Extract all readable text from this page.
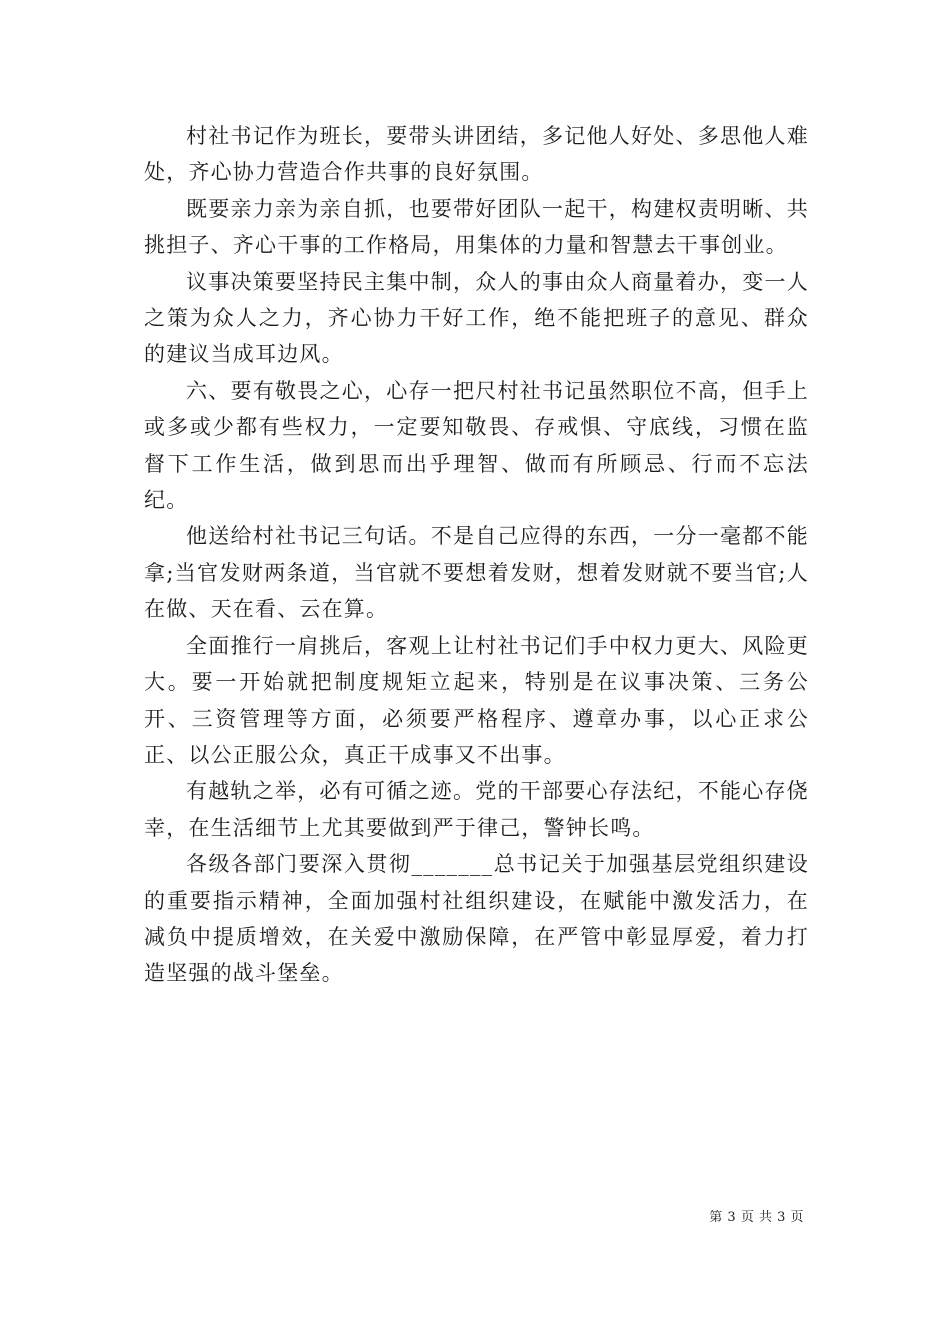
村社书记作为班长，要带头讲团结，多记他人好处、多思他人难处，齐心协力营造合作共事的良好氛围。

既要亲力亲为亲自抓，也要带好团队一起干，构建权责明晰、共挑担子、齐心干事的工作格局，用集体的力量和智慧去干事创业。

议事决策要坚持民主集中制，众人的事由众人商量着办，变一人之策为众人之力，齐心协力干好工作，绝不能把班子的意见、群众的建议当成耳边风。

六、要有敬畏之心，心存一把尺村社书记虽然职位不高，但手上或多或少都有些权力，一定要知敬畏、存戒惧、守底线，习惯在监督下工作生活，做到思而出乎理智、做而有所顾忌、行而不忘法纪。

他送给村社书记三句话。不是自己应得的东西，一分一毫都不能拿;当官发财两条道，当官就不要想着发财，想着发财就不要当官;人在做、天在看、云在算。

全面推行一肩挑后，客观上让村社书记们手中权力更大、风险更大。要一开始就把制度规矩立起来，特别是在议事决策、三务公开、三资管理等方面，必须要严格程序、遵章办事，以心正求公正、以公正服公众，真正干成事又不出事。

有越轨之举，必有可循之迹。党的干部要心存法纪，不能心存侥幸，在生活细节上尤其要做到严于律己，警钟长鸣。

各级各部门要深入贯彻_______总书记关于加强基层党组织建设的重要指示精神，全面加强村社组织建设，在赋能中激发活力，在减负中提质增效，在关爱中激励保障，在严管中彰显厚爱，着力打造坚强的战斗堡垒。

第 3 页 共 3 页
